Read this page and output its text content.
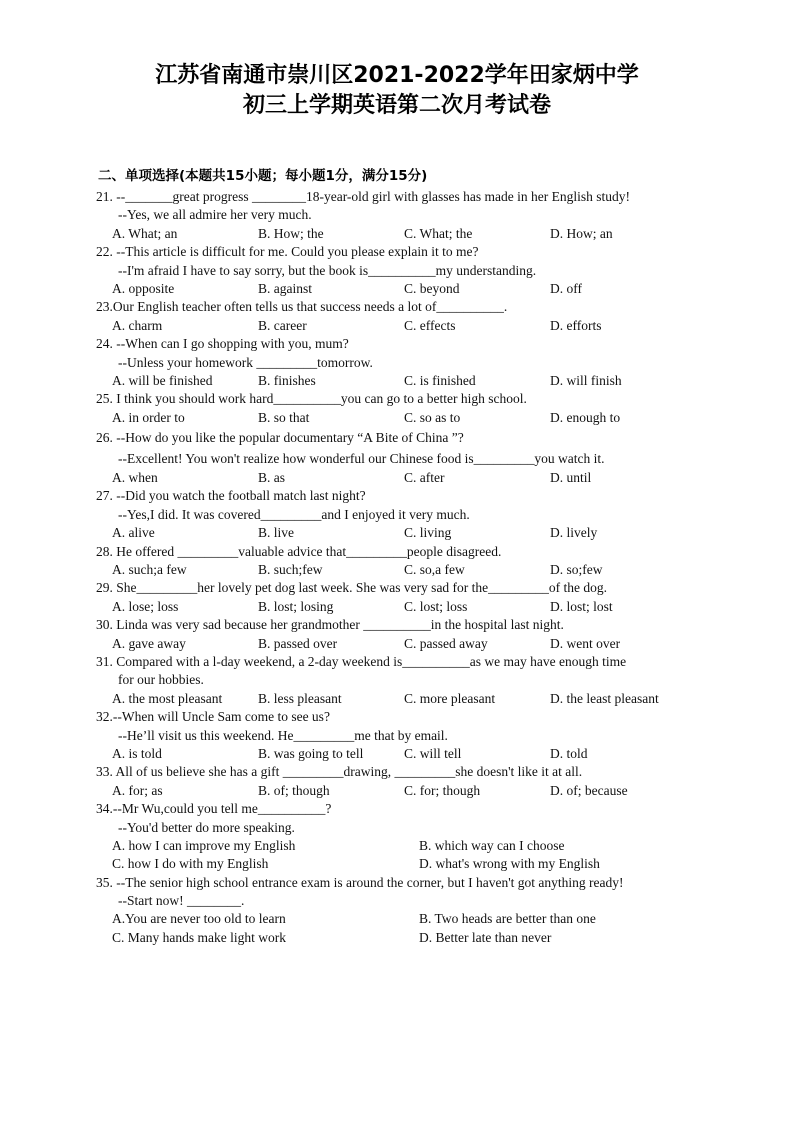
江苏省南通市崇川区2021-2022学年田家炳中学
初三上学期英语第二次月考试卷
二、单项选择(本题共15小题；每小题1分，满分15分)
21. --_______great progress ________18-year-old girl with glasses has made in her English study!
--Yes, we all admire her very much.
A. What; an	B. How; the	C. What; the	D. How; an
22. --This article is difficult for me. Could you please explain it to me?
--I'm afraid I have to say sorry, but the book is__________my understanding.
A. opposite	B. against	C. beyond	D. off
23.Our English teacher often tells us that success needs a lot of__________.
A. charm	B. career	C. effects	D. efforts
24. --When can I go shopping with you, mum?
--Unless your homework _________tomorrow.
A. will be finished	B. finishes	C. is finished	D. will finish
25. I think you should work hard__________you can go to a better high school.
A. in order to	B. so that	C. so as to	D. enough to
26. --How do you like the popular documentary “A Bite of China ”?
--Excellent! You won't realize how wonderful our Chinese food is_________you watch it.
A. when	B. as	C. after	D. until
27. --Did you watch the football match last night?
--Yes,I did. It was covered_________and I enjoyed it very much.
A. alive	B. live	C. living	D. lively
28. He offered _________valuable advice that_________people disagreed.
A. such;a few	B. such;few	C. so,a few	D. so;few
29. She_________her lovely pet dog last week. She was very sad for the_________of the dog.
A. lose; loss	B. lost; losing	C. lost; loss	D. lost; lost
30. Linda was very sad because her grandmother __________in the hospital last night.
A. gave away	B. passed over	C. passed away	D. went over
31. Compared with a l-day weekend, a 2-day weekend is__________as we may have enough time
for our hobbies.
A. the most pleasant	B. less pleasant	C. more pleasant	D. the least pleasant
32.--When will Uncle Sam come to see us?
--He’ll visit us this weekend. He_________me that by email.
A. is told	B. was going to tell	C. will tell	D. told
33. All of us believe she has a gift _________drawing, _________she doesn't like it at all.
A. for; as	B. of; though	C. for; though	D. of; because
34.--Mr Wu,could you tell me__________?
--You'd better do more speaking.
A. how I can improve my English	B. which way can I choose
C. how I do with my English	D. what's wrong with my English
35. --The senior high school entrance exam is around the corner, but I haven't got anything ready!
--Start now! ________.
A.You are never too old to learn	B. Two heads are better than one
C. Many hands make light work	D. Better late than never
